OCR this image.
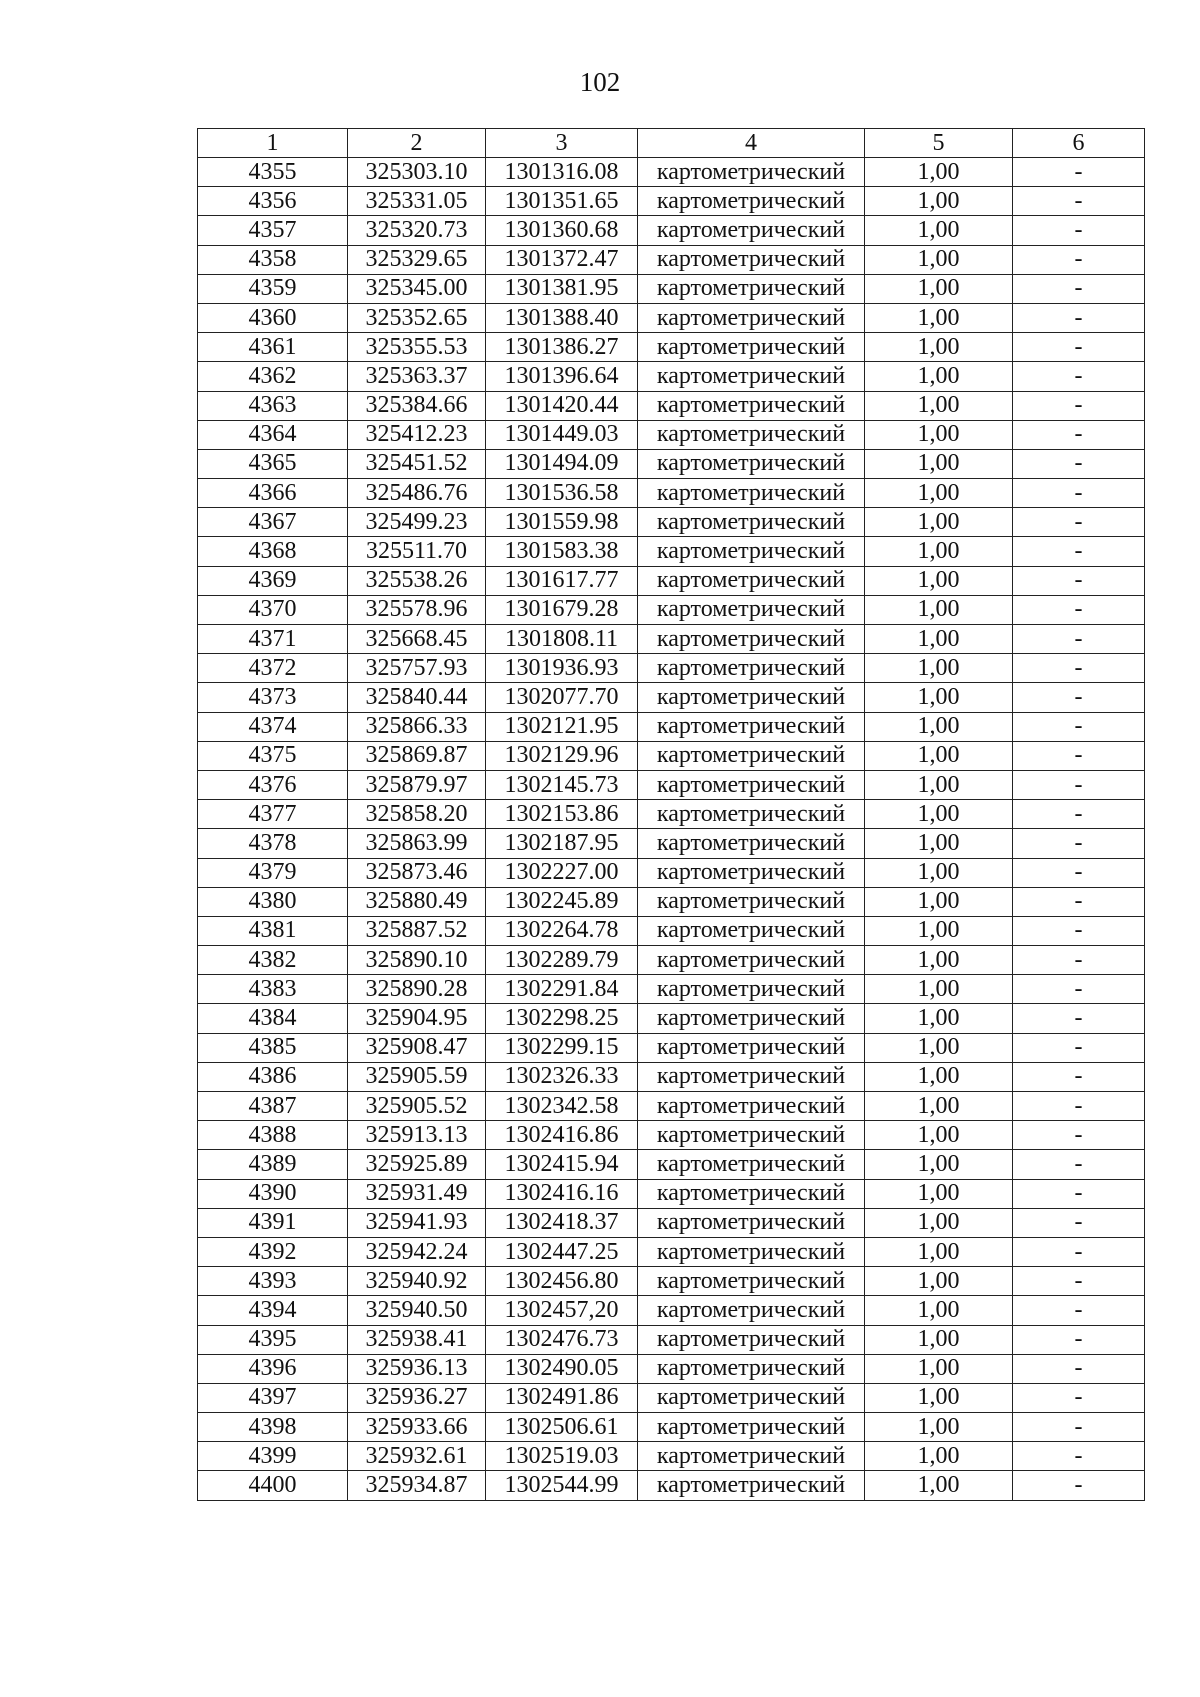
102
1	2	3	4	5	6
4355	325303.10	1301316.08	картометрический	1,00	-
4356	325331.05	1301351.65	картометрический	1,00	-
4357	325320.73	1301360.68	картометрический	1,00	-
4358	325329.65	1301372.47	картометрический	1,00	-
4359	325345.00	1301381.95	картометрический	1,00	-
4360	325352.65	1301388.40	картометрический	1,00	-
4361	325355.53	1301386.27	картометрический	1,00	-
4362	325363.37	1301396.64	картометрический	1,00	-
4363	325384.66	1301420.44	картометрический	1,00	-
4364	325412.23	1301449.03	картометрический	1,00	-
4365	325451.52	1301494.09	картометрический	1,00	-
4366	325486.76	1301536.58	картометрический	1,00	-
4367	325499.23	1301559.98	картометрический	1,00	-
4368	325511.70	1301583.38	картометрический	1,00	-
4369	325538.26	1301617.77	картометрический	1,00	-
4370	325578.96	1301679.28	картометрический	1,00	-
4371	325668.45	1301808.11	картометрический	1,00	-
4372	325757.93	1301936.93	картометрический	1,00	-
4373	325840.44	1302077.70	картометрический	1,00	-
4374	325866.33	1302121.95	картометрический	1,00	-
4375	325869.87	1302129.96	картометрический	1,00	-
4376	325879.97	1302145.73	картометрический	1,00	-
4377	325858.20	1302153.86	картометрический	1,00	-
4378	325863.99	1302187.95	картометрический	1,00	-
4379	325873.46	1302227.00	картометрический	1,00	-
4380	325880.49	1302245.89	картометрический	1,00	-
4381	325887.52	1302264.78	картометрический	1,00	-
4382	325890.10	1302289.79	картометрический	1,00	-
4383	325890.28	1302291.84	картометрический	1,00	-
4384	325904.95	1302298.25	картометрический	1,00	-
4385	325908.47	1302299.15	картометрический	1,00	-
4386	325905.59	1302326.33	картометрический	1,00	-
4387	325905.52	1302342.58	картометрический	1,00	-
4388	325913.13	1302416.86	картометрический	1,00	-
4389	325925.89	1302415.94	картометрический	1,00	-
4390	325931.49	1302416.16	картометрический	1,00	-
4391	325941.93	1302418.37	картометрический	1,00	-
4392	325942.24	1302447.25	картометрический	1,00	-
4393	325940.92	1302456.80	картометрический	1,00	-
4394	325940.50	1302457,20	картометрический	1,00	-
4395	325938.41	1302476.73	картометрический	1,00	-
4396	325936.13	1302490.05	картометрический	1,00	-
4397	325936.27	1302491.86	картометрический	1,00	-
4398	325933.66	1302506.61	картометрический	1,00	-
4399	325932.61	1302519.03	картометрический	1,00	-
4400	325934.87	1302544.99	картометрический	1,00	-
